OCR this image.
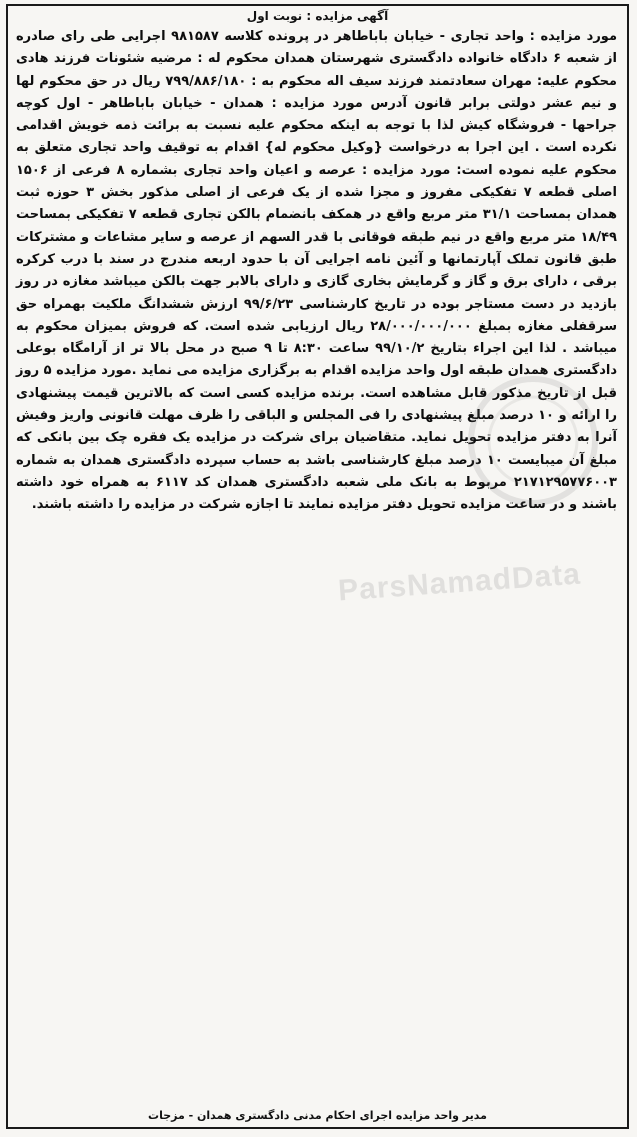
آگهی مزایده : نوبت اول

مورد مزایده : واحد تجاری - خیابان باباطاهر در پرونده کلاسه ۹۸۱۵۸۷ اجرایی طی رای صادره از شعبه ۶ دادگاه خانواده دادگستری شهرستان همدان محکوم له : مرضیه شئونات فرزند هادی محکوم علیه: مهران سعادتمند فرزند سیف اله محکوم به : ۷۹۹/۸۸۶/۱۸۰ ریال در حق محکوم لها و نیم عشر دولتی برابر قانون آدرس مورد مزایده : همدان - خیابان باباطاهر - اول کوچه جراحها - فروشگاه کیش لذا با توجه به اینکه محکوم علیه نسبت به برائت ذمه خویش اقدامی نکرده است . این اجرا به درخواست {وکیل محکوم له} اقدام به توقیف واحد تجاری متعلق به محکوم علیه نموده است: مورد مزایده : عرصه و اعیان واحد تجاری بشماره ۸ فرعی از ۱۵۰۶ اصلی قطعه ۷ تفکیکی مفروز و مجزا شده از یک فرعی از اصلی مذکور بخش ۳ حوزه ثبت همدان بمساحت ۳۱/۱ متر مربع واقع در همکف بانضمام بالکن تجاری قطعه ۷ تفکیکی بمساحت ۱۸/۴۹ متر مربع واقع در نیم طبقه فوقانی با قدر السهم از عرصه و سایر مشاعات و مشترکات طبق قانون تملک آپارتمانها و آئین نامه اجرایی آن با حدود اربعه مندرج در سند با درب کرکره برقی ، دارای برق و گاز و گرمایش بخاری گازی و دارای بالابر جهت بالکن میباشد مغازه در روز بازدید در دست مستاجر بوده در تاریخ کارشناسی ۹۹/۶/۲۳ ارزش ششدانگ ملکیت بهمراه حق سرقفلی مغازه بمبلغ ۲۸/۰۰۰/۰۰۰/۰۰۰ ریال ارزیابی شده است. که فروش بمیزان محکوم به میباشد . لذا این اجراء بتاریخ ۹۹/۱۰/۲ ساعت ۸:۳۰ تا ۹ صبح در محل بالا تر از آرامگاه بوعلی دادگستری همدان طبقه اول واحد مزایده اقدام به برگزاری مزایده می نماید .مورد مزایده ۵ روز قبل از تاریخ مذکور قابل مشاهده است. برنده مزایده کسی است که بالاترین قیمت پیشنهادی را ارائه و ۱۰ درصد مبلغ پیشنهادی را فی المجلس و الباقی را ظرف مهلت قانونی واریز وفیش آنرا به دفتر مزایده تحویل نماید. متقاضیان برای شرکت در مزایده یک فقره چک بین بانکی که مبلغ آن میبایست ۱۰ درصد مبلغ کارشناسی باشد به حساب سپرده دادگستری همدان به شماره ۲۱۷۱۲۹۵۷۷۶۰۰۳ مربوط به بانک ملی شعبه دادگستری همدان کد ۶۱۱۷ به همراه خود داشته باشند و در ساعت مزایده تحویل دفتر مزایده نمایند تا اجازه شرکت در مزایده را داشته باشند.

ParsNamadData
مدیر واحد مزایده اجرای احکام مدنی دادگستری همدان - مزجات
